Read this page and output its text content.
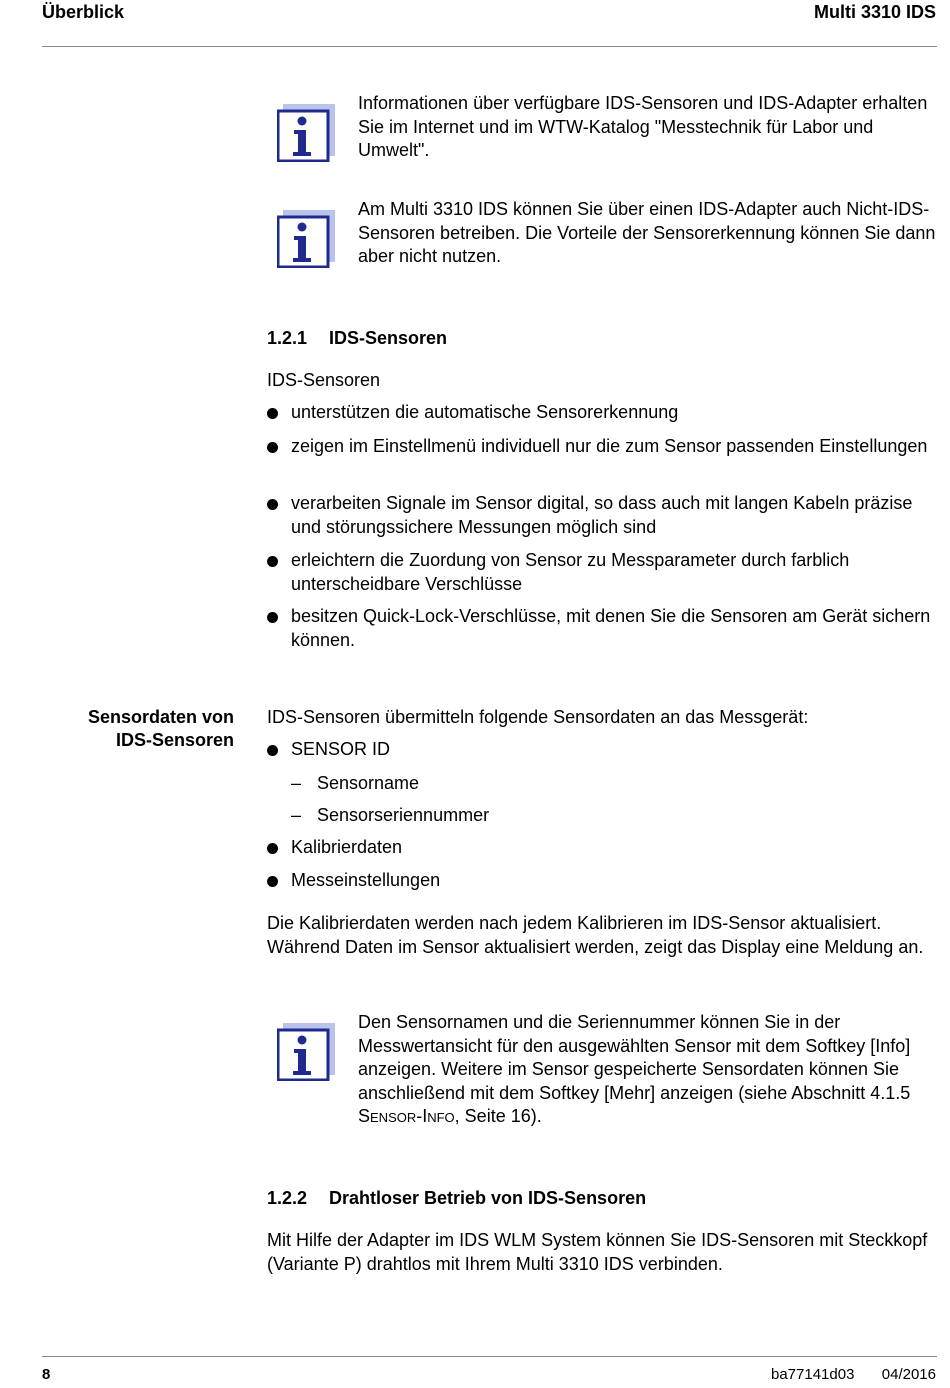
Überblick	Multi 3310 IDS
Informationen über verfügbare IDS-Sensoren und IDS-Adapter erhalten Sie im Internet und im WTW-Katalog "Messtechnik für Labor und Umwelt".
Am Multi 3310 IDS können Sie über einen IDS-Adapter auch Nicht-IDS-Sensoren betreiben. Die Vorteile der Sensorerkennung können Sie dann aber nicht nutzen.
1.2.1 IDS-Sensoren
IDS-Sensoren
unterstützen die automatische Sensorerkennung
zeigen im Einstellmenü individuell nur die zum Sensor passenden Einstellungen
verarbeiten Signale im Sensor digital, so dass auch mit langen Kabeln präzise und störungssichere Messungen möglich sind
erleichtern die Zuordung von Sensor zu Messparameter durch farblich unterscheidbare Verschlüsse
besitzen Quick-Lock-Verschlüsse, mit denen Sie die Sensoren am Gerät sichern können.
Sensordaten von
IDS-Sensoren
IDS-Sensoren übermitteln folgende Sensordaten an das Messgerät:
SENSOR ID
– Sensorname
– Sensorseriennummer
Kalibrierdaten
Messeinstellungen
Die Kalibrierdaten werden nach jedem Kalibrieren im IDS-Sensor aktualisiert. Während Daten im Sensor aktualisiert werden, zeigt das Display eine Meldung an.
Den Sensornamen und die Seriennummer können Sie in der Messwertansicht für den ausgewählten Sensor mit dem Softkey [Info] anzeigen. Weitere im Sensor gespeicherte Sensordaten können Sie anschließend mit dem Softkey [Mehr] anzeigen (siehe Abschnitt 4.1.5 Sensor-Info, Seite 16).
1.2.2 Drahtloser Betrieb von IDS-Sensoren
Mit Hilfe der Adapter im IDS WLM System können Sie IDS-Sensoren mit Steckkopf (Variante P) drahtlos mit Ihrem Multi 3310 IDS verbinden.
8	ba77141d03 04/2016
